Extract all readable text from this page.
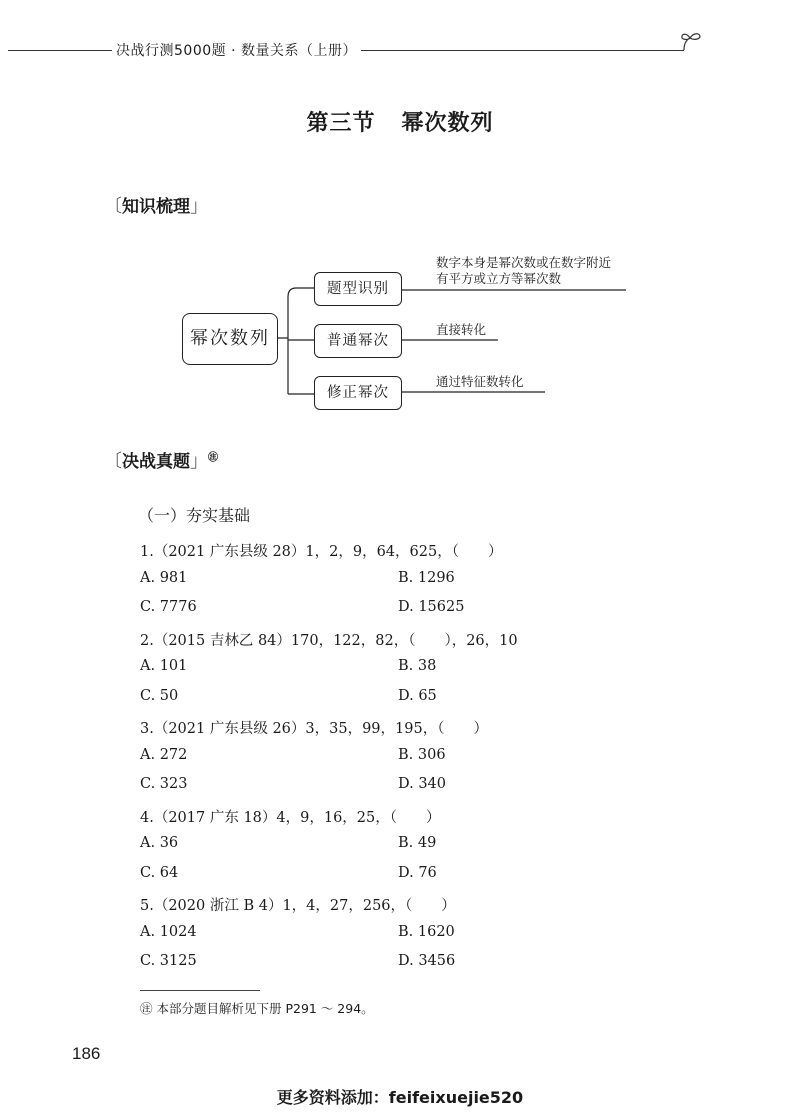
决战行测5000题 · 数量关系（上册）
第三节 幂次数列
〔知识梳理」
幂次数列
题型识别
普通幂次
修正幂次
数字本身是幂次数或在数字附近
有平方或立方等幂次数
直接转化
通过特征数转化
〔决战真题」㊟
（一）夯实基础
1.（2021 广东县级 28）1，2，9，64，625，（　　）
A. 981	B. 1296
C. 7776	D. 15625
2.（2015 吉林乙 84）170，122，82，（　　），26，10
A. 101	B. 38
C. 50	D. 65
3.（2021 广东县级 26）3，35，99，195，（　　）
A. 272	B. 306
C. 323	D. 340
4.（2017 广东 18）4，9，16，25，（　　）
A. 36	B. 49
C. 64	D. 76
5.（2020 浙江 B 4）1，4，27，256，（　　）
A. 1024	B. 1620
C. 3125	D. 3456
㊟ 本部分题目解析见下册 P291 ～ 294。
186
更多资料添加：feifeixuejie520
